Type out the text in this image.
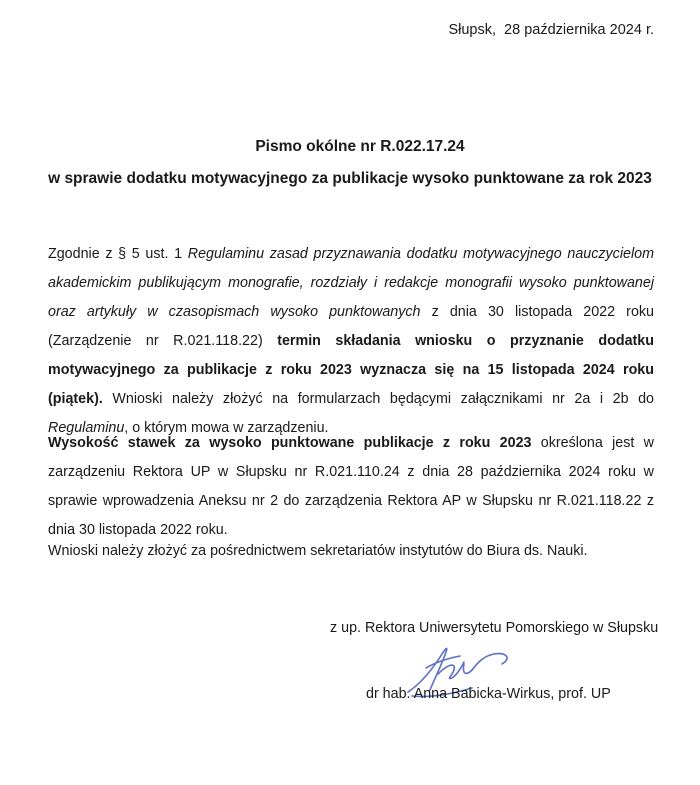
Słupsk,  28 października 2024 r.
Pismo okólne nr R.022.17.24
w sprawie dodatku motywacyjnego za publikacje wysoko punktowane za rok 2023

Zgodnie z § 5 ust. 1 Regulaminu zasad przyznawania dodatku motywacyjnego nauczycielom akademickim publikującym monografie, rozdziały i redakcje monografii wysoko punktowanej oraz artykuły w czasopismach wysoko punktowanych z dnia 30 listopada 2022 roku (Zarządzenie nr R.021.118.22) termin składania wniosku o przyznanie dodatku motywacyjnego za publikacje z roku 2023 wyznacza się na 15 listopada 2024 roku (piątek). Wnioski należy złożyć na formularzach będącymi załącznikami nr 2a i 2b do Regulaminu, o którym mowa w zarządzeniu.

Wysokość stawek za wysoko punktowane publikacje z roku 2023 określona jest w zarządzeniu Rektora UP w Słupsku nr R.021.110.24 z dnia 28 października 2024 roku w sprawie wprowadzenia Aneksu nr 2 do zarządzenia Rektora AP w Słupsku nr R.021.118.22 z dnia 30 listopada 2022 roku.

Wnioski należy złożyć za pośrednictwem sekretariatów instytutów do Biura ds. Nauki.

z up. Rektora Uniwersytetu Pomorskiego w Słupsku
dr hab. Anna Babicka-Wirkus, prof. UP
